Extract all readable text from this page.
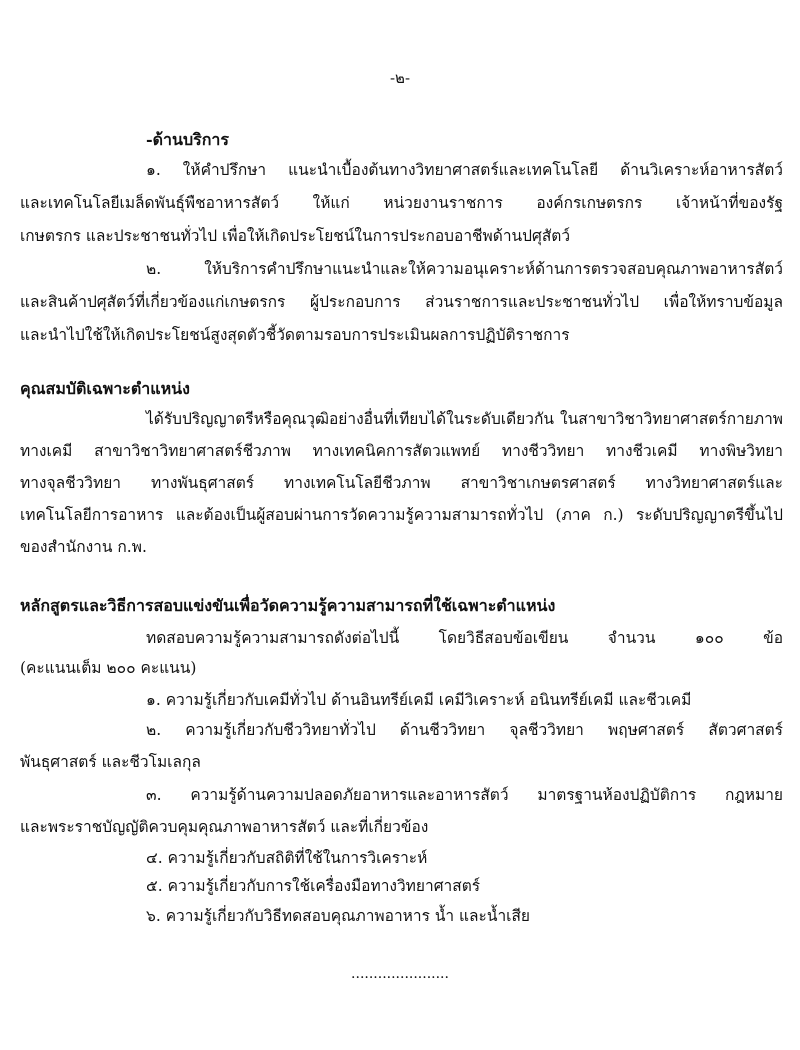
-๒-
-ด้านบริการ
๑. ให้คำปรึกษา แนะนำเบื้องต้นทางวิทยาศาสตร์และเทคโนโลยี ด้านวิเคราะห์อาหารสัตว์
และเทคโนโลยีเมล็ดพันธุ์พืชอาหารสัตว์ ให้แก่ หน่วยงานราชการ องค์กรเกษตรกร เจ้าหน้าที่ของรัฐ
เกษตรกร และประชาชนทั่วไป เพื่อให้เกิดประโยชน์ในการประกอบอาชีพด้านปศุสัตว์
๒. ให้บริการคำปรึกษาแนะนำและให้ความอนุเคราะห์ด้านการตรวจสอบคุณภาพอาหารสัตว์
และสินค้าปศุสัตว์ที่เกี่ยวข้องแก่เกษตรกร ผู้ประกอบการ ส่วนราชการและประชาชนทั่วไป เพื่อให้ทราบข้อมูล
และนำไปใช้ให้เกิดประโยชน์สูงสุดตัวชี้วัดตามรอบการประเมินผลการปฏิบัติราชการ
คุณสมบัติเฉพาะตำแหน่ง
ได้รับปริญญาตรีหรือคุณวุฒิอย่างอื่นที่เทียบได้ในระดับเดียวกัน ในสาขาวิชาวิทยาศาสตร์กายภาพ
ทางเคมี สาขาวิชาวิทยาศาสตร์ชีวภาพ ทางเทคนิคการสัตวแพทย์ ทางชีววิทยา ทางชีวเคมี ทางพิษวิทยา
ทางจุลชีววิทยา ทางพันธุศาสตร์ ทางเทคโนโลยีชีวภาพ สาขาวิชาเกษตรศาสตร์ ทางวิทยาศาสตร์และ
เทคโนโลยีการอาหาร และต้องเป็นผู้สอบผ่านการวัดความรู้ความสามารถทั่วไป (ภาค ก.) ระดับปริญญาตรีขึ้นไป
ของสำนักงาน ก.พ.
หลักสูตรและวิธีการสอบแข่งขันเพื่อวัดความรู้ความสามารถที่ใช้เฉพาะตำแหน่ง
ทดสอบความรู้ความสามารถดังต่อไปนี้ โดยวิธีสอบข้อเขียน จำนวน ๑๐๐ ข้อ
(คะแนนเต็ม ๒๐๐ คะแนน)
๑. ความรู้เกี่ยวกับเคมีทั่วไป ด้านอินทรีย์เคมี เคมีวิเคราะห์ อนินทรีย์เคมี และชีวเคมี
๒. ความรู้เกี่ยวกับชีววิทยาทั่วไป ด้านชีววิทยา จุลชีววิทยา พฤษศาสตร์ สัตวศาสตร์
พันธุศาสตร์ และชีวโมเลกุล
๓. ความรู้ด้านความปลอดภัยอาหารและอาหารสัตว์ มาตรฐานห้องปฏิบัติการ กฎหมาย
และพระราชบัญญัติควบคุมคุณภาพอาหารสัตว์ และที่เกี่ยวข้อง
๔. ความรู้เกี่ยวกับสถิติที่ใช้ในการวิเคราะห์
๕. ความรู้เกี่ยวกับการใช้เครื่องมือทางวิทยาศาสตร์
๖. ความรู้เกี่ยวกับวิธีทดสอบคุณภาพอาหาร น้ำ และน้ำเสีย
......................
